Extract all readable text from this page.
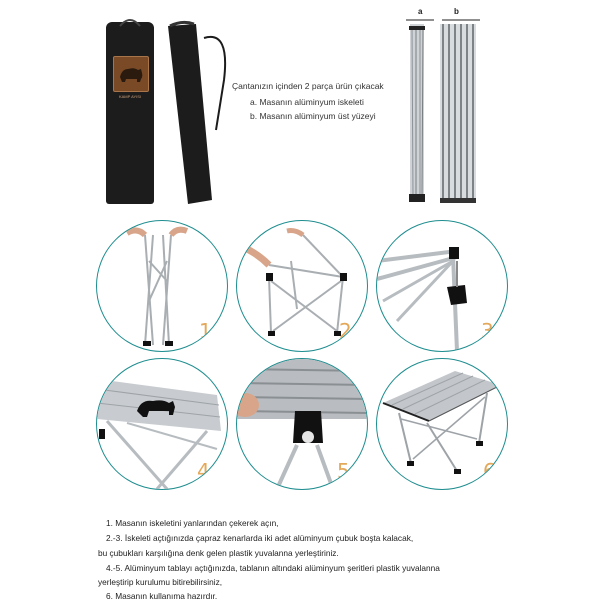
KAMP AYISI
Çantanızın içinden 2 parça ürün çıkacak
a. Masanın alüminyum iskeleti
b. Masanın alüminyum üst yüzeyi
a	b
1	2	3
4	5	6
1. Masanın iskeletini yanlarından çekerek açın,
2.-3. İskeleti açtığınızda çapraz kenarlarda iki adet alüminyum çubuk boşta kalacak,
bu çubukları karşılığına denk gelen plastik yuvalanna yerleştiriniz.
4.-5. Alüminyum tablayı açtığınızda, tablanın altındaki alüminyum şeritleri plastik yuvalanna
yerleştirip kurulumu bitirebilirsiniz,
6. Masanın kullanıma hazırdır.
